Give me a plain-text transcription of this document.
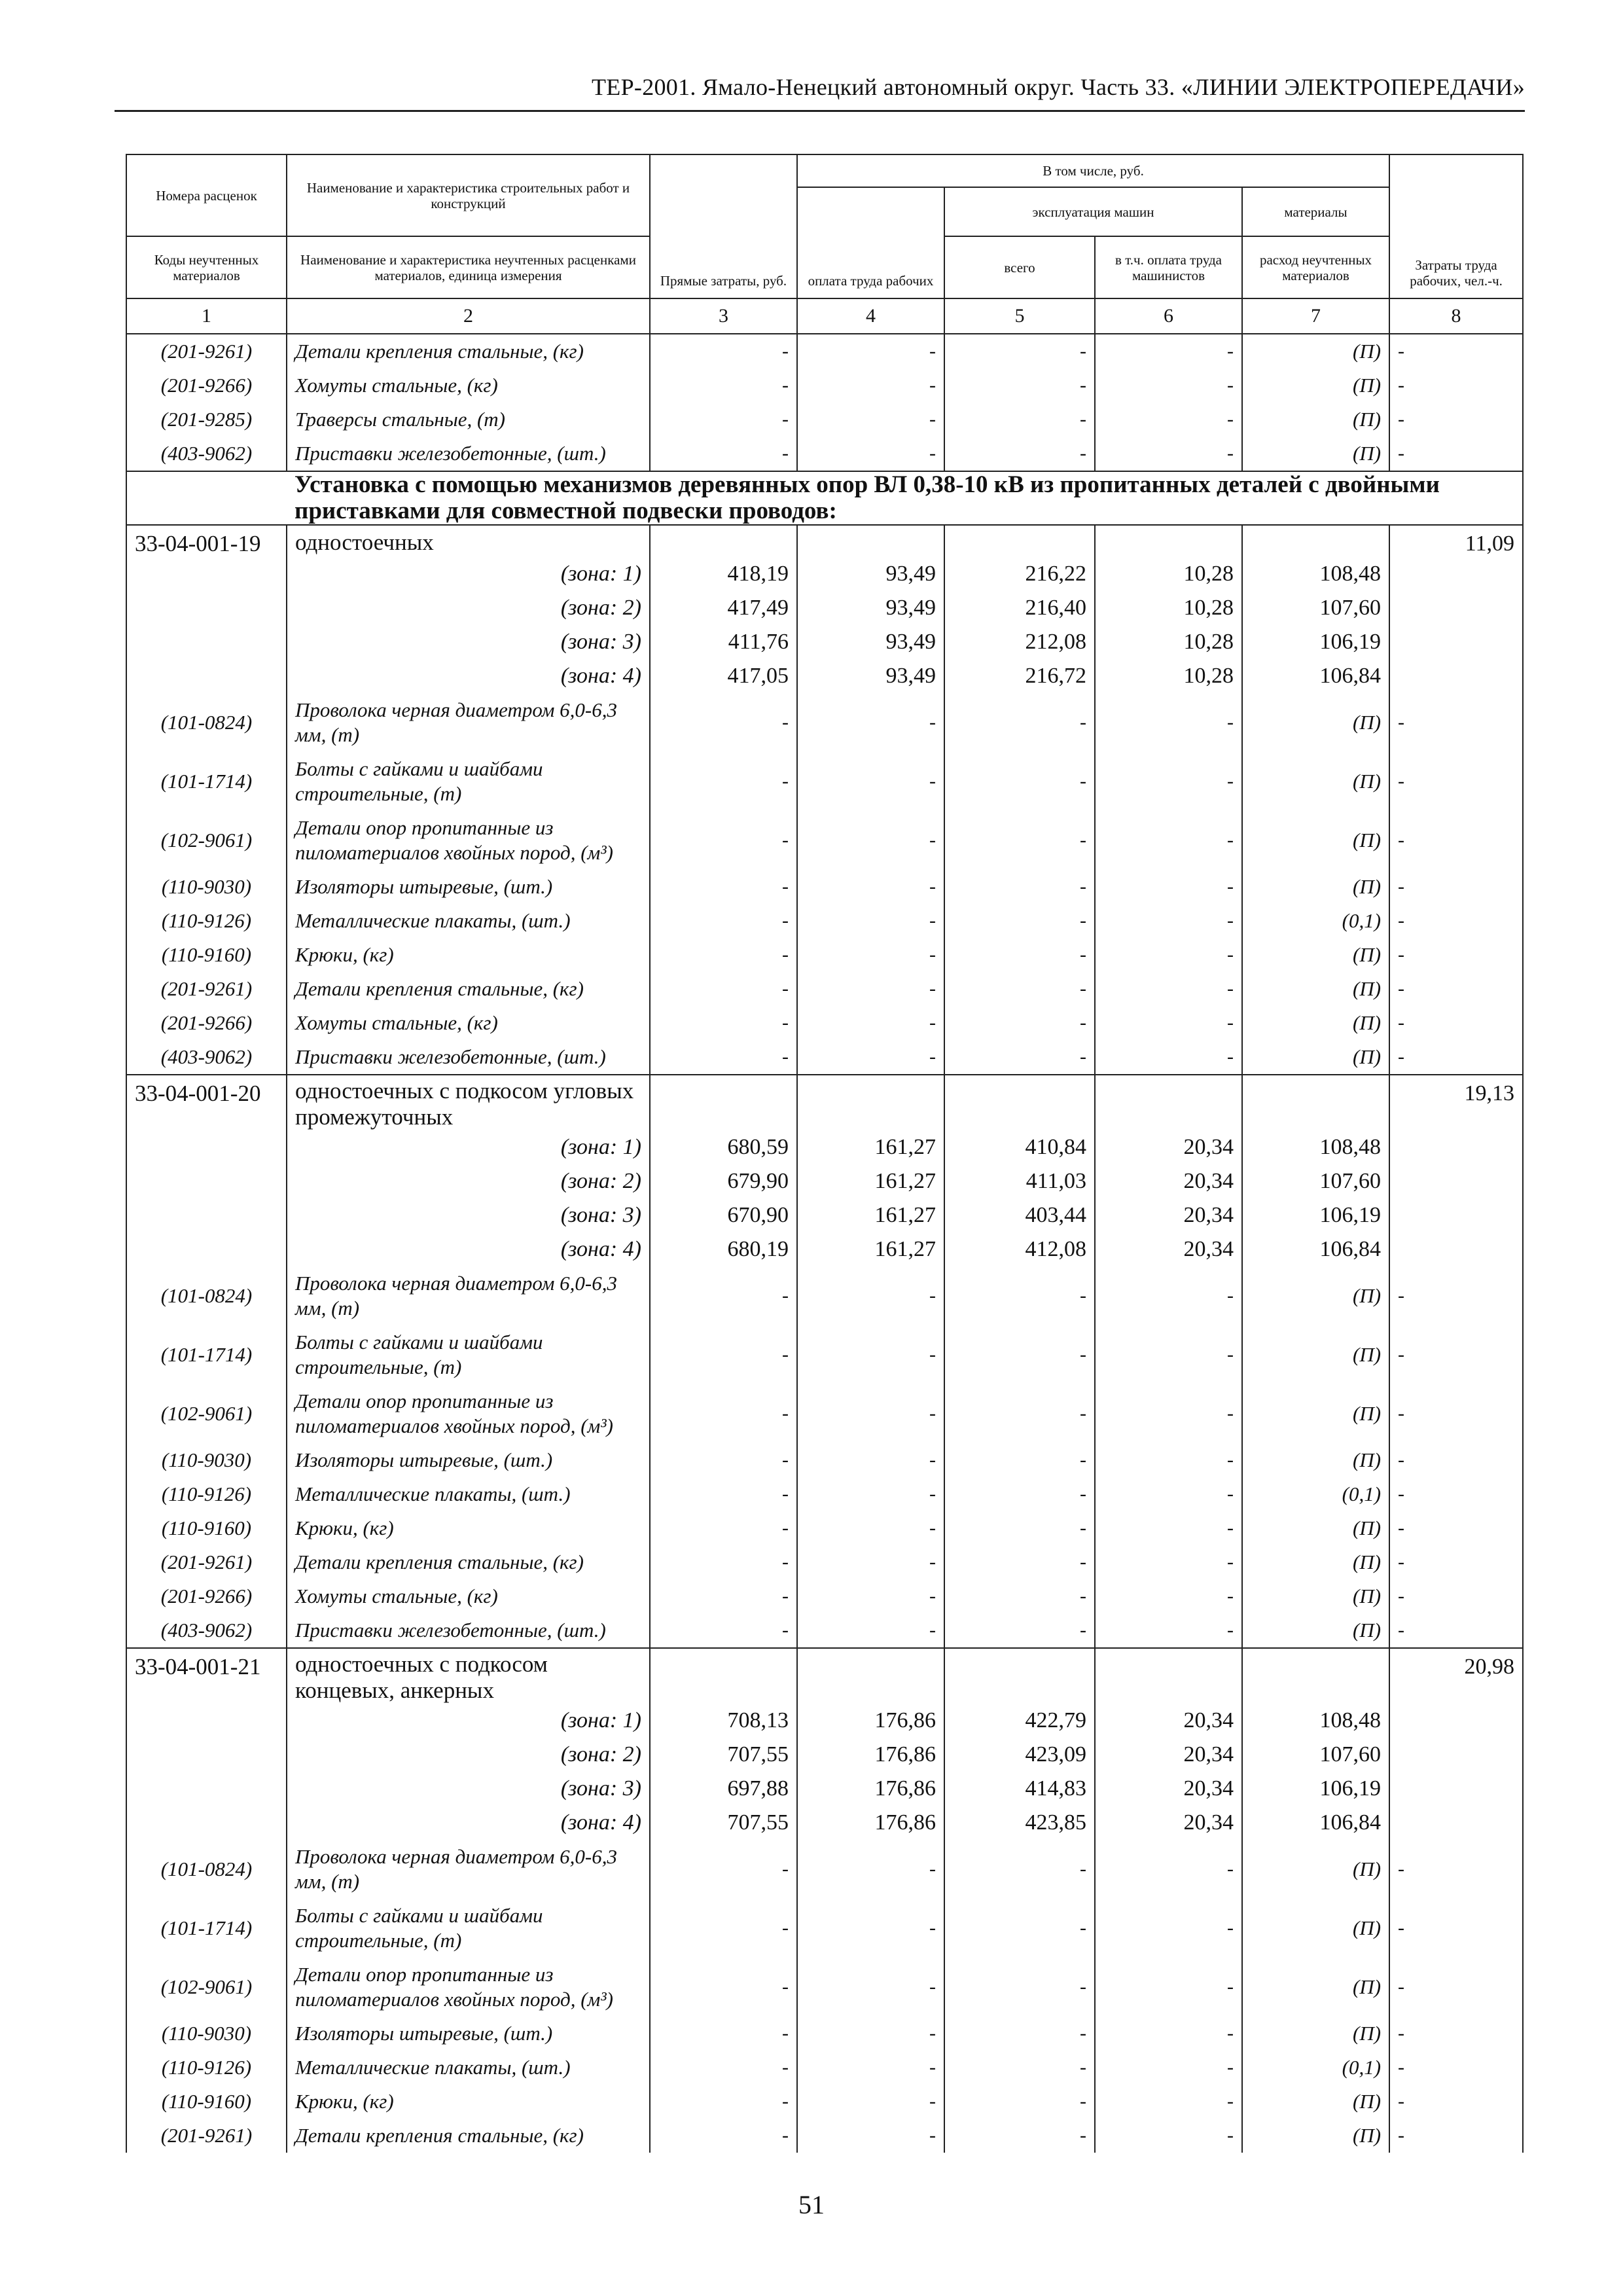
ТЕР-2001. Ямало-Ненецкий автономный округ. Часть 33. «ЛИНИИ ЭЛЕКТРОПЕРЕДАЧИ»
Номера расценок	Наименование и характеристика строительных работ и конструкций	Прямые затраты, руб.	В том числе, руб.				Затраты труда рабочих, чел.-ч.
			оплата труда рабочих	эксплуатация машин		материалы	
Коды неучтенных материалов	Наименование и характеристика неучтенных расценками материалов, единица измерения			всего	в т.ч. оплата труда машинистов	расход неучтенных материалов	
1	2	3	4	5	6	7	8
(201-9261)	Детали крепления стальные, (кг)	-	-	-	-	(П)	-
(201-9266)	Хомуты стальные, (кг)	-	-	-	-	(П)	-
(201-9285)	Траверсы стальные, (т)	-	-	-	-	(П)	-
(403-9062)	Приставки железобетонные, (шт.)	-	-	-	-	(П)	-
	Установка с помощью механизмов деревянных опор ВЛ 0,38-10 кВ из пропитанных деталей с двойными приставками для совместной подвески проводов:						
33-04-001-19	одностоечных						11,09
	(зона: 1)	418,19	93,49	216,22	10,28	108,48	
	(зона: 2)	417,49	93,49	216,40	10,28	107,60	
	(зона: 3)	411,76	93,49	212,08	10,28	106,19	
	(зона: 4)	417,05	93,49	216,72	10,28	106,84	
(101-0824)	Проволока черная диаметром 6,0-6,3 мм, (т)	-	-	-	-	(П)	-
(101-1714)	Болты с гайками и шайбами строительные, (т)	-	-	-	-	(П)	-
(102-9061)	Детали опор пропитанные из пиломатериалов хвойных пород, (м³)	-	-	-	-	(П)	-
(110-9030)	Изоляторы штыревые, (шт.)	-	-	-	-	(П)	-
(110-9126)	Металлические плакаты, (шт.)	-	-	-	-	(0,1)	-
(110-9160)	Крюки, (кг)	-	-	-	-	(П)	-
(201-9261)	Детали крепления стальные, (кг)	-	-	-	-	(П)	-
(201-9266)	Хомуты стальные, (кг)	-	-	-	-	(П)	-
(403-9062)	Приставки железобетонные, (шт.)	-	-	-	-	(П)	-
33-04-001-20	одностоечных с подкосом угловых промежуточных						19,13
	(зона: 1)	680,59	161,27	410,84	20,34	108,48	
	(зона: 2)	679,90	161,27	411,03	20,34	107,60	
	(зона: 3)	670,90	161,27	403,44	20,34	106,19	
	(зона: 4)	680,19	161,27	412,08	20,34	106,84	
(101-0824)	Проволока черная диаметром 6,0-6,3 мм, (т)	-	-	-	-	(П)	-
(101-1714)	Болты с гайками и шайбами строительные, (т)	-	-	-	-	(П)	-
(102-9061)	Детали опор пропитанные из пиломатериалов хвойных пород, (м³)	-	-	-	-	(П)	-
(110-9030)	Изоляторы штыревые, (шт.)	-	-	-	-	(П)	-
(110-9126)	Металлические плакаты, (шт.)	-	-	-	-	(0,1)	-
(110-9160)	Крюки, (кг)	-	-	-	-	(П)	-
(201-9261)	Детали крепления стальные, (кг)	-	-	-	-	(П)	-
(201-9266)	Хомуты стальные, (кг)	-	-	-	-	(П)	-
(403-9062)	Приставки железобетонные, (шт.)	-	-	-	-	(П)	-
33-04-001-21	одностоечных с подкосом концевых, анкерных						20,98
	(зона: 1)	708,13	176,86	422,79	20,34	108,48	
	(зона: 2)	707,55	176,86	423,09	20,34	107,60	
	(зона: 3)	697,88	176,86	414,83	20,34	106,19	
	(зона: 4)	707,55	176,86	423,85	20,34	106,84	
(101-0824)	Проволока черная диаметром 6,0-6,3 мм, (т)	-	-	-	-	(П)	-
(101-1714)	Болты с гайками и шайбами строительные, (т)	-	-	-	-	(П)	-
(102-9061)	Детали опор пропитанные из пиломатериалов хвойных пород, (м³)	-	-	-	-	(П)	-
(110-9030)	Изоляторы штыревые, (шт.)	-	-	-	-	(П)	-
(110-9126)	Металлические плакаты, (шт.)	-	-	-	-	(0,1)	-
(110-9160)	Крюки, (кг)	-	-	-	-	(П)	-
(201-9261)	Детали крепления стальные, (кг)	-	-	-	-	(П)	-
51
